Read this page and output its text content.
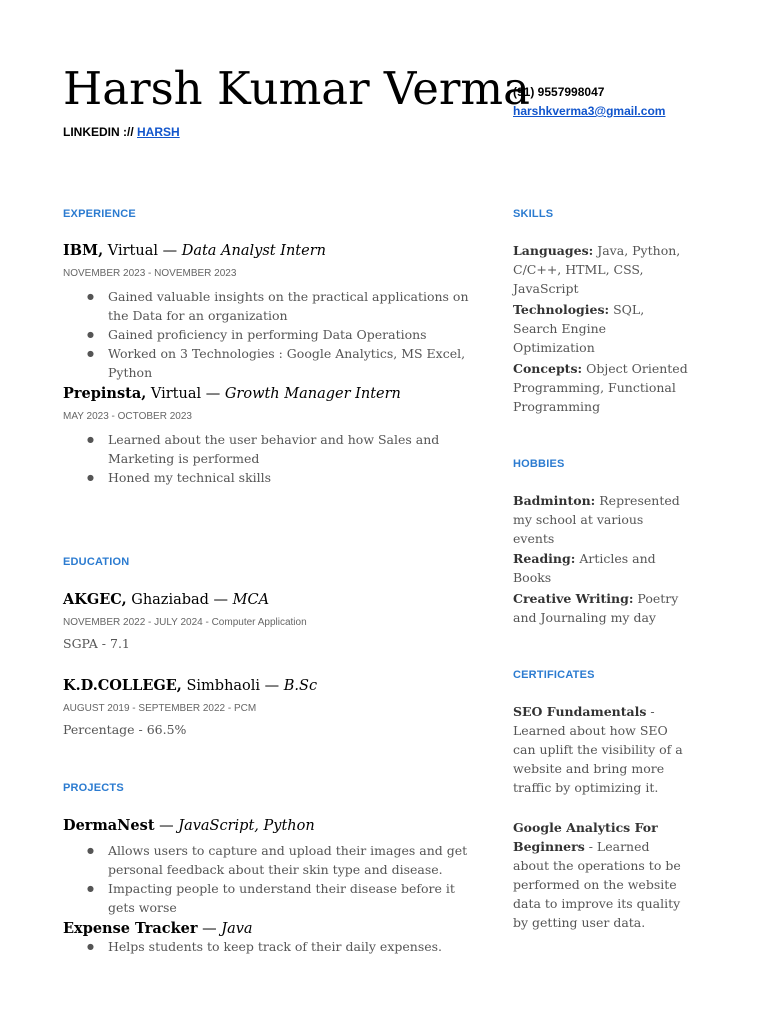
Harsh Kumar Verma
LINKEDIN :// HARSH
(91) 9557998047
harshkverma3@gmail.com
EXPERIENCE
IBM, Virtual — Data Analyst Intern
NOVEMBER 2023 - NOVEMBER 2023
● Gained valuable insights on the practical applications on the Data for an organization
● Gained proficiency in performing Data Operations
● Worked on 3 Technologies : Google Analytics, MS Excel, Python
Prepinsta, Virtual — Growth Manager Intern
MAY 2023 - OCTOBER 2023
● Learned about the user behavior and how Sales and Marketing is performed
● Honed my technical skills
EDUCATION
AKGEC, Ghaziabad — MCA
NOVEMBER 2022 - JULY 2024 - Computer Application
SGPA - 7.1
K.D.COLLEGE, Simbhaoli — B.Sc
AUGUST 2019 - SEPTEMBER 2022 - PCM
Percentage - 66.5%
PROJECTS
DermaNest — JavaScript, Python
● Allows users to capture and upload their images and get personal feedback about their skin type and disease.
● Impacting people to understand their disease before it gets worse
Expense Tracker — Java
● Helps students to keep track of their daily expenses.
SKILLS
Languages: Java, Python, C/C++, HTML, CSS, JavaScript
Technologies: SQL, Search Engine Optimization
Concepts: Object Oriented Programming, Functional Programming
HOBBIES
Badminton: Represented my school at various events
Reading: Articles and Books
Creative Writing: Poetry and Journaling my day
CERTIFICATES
SEO Fundamentals - Learned about how SEO can uplift the visibility of a website and bring more traffic by optimizing it.
Google Analytics For Beginners - Learned about the operations to be performed on the website data to improve its quality by getting user data.
